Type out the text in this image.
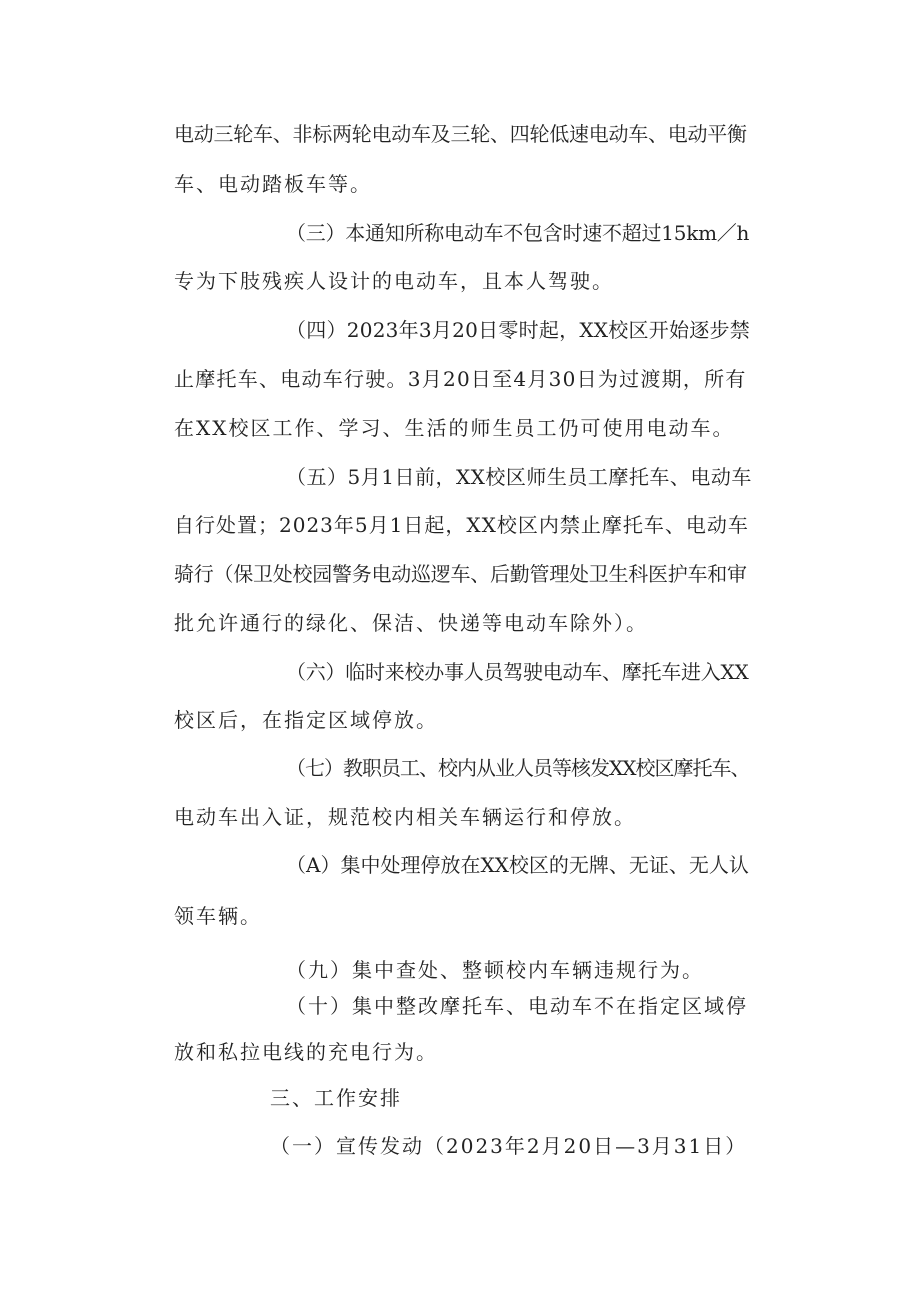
电动三轮车、非标两轮电动车及三轮、四轮低速电动车、电动平衡
车、电动踏板车等。
（三）本通知所称电动车不包含时速不超过15km／h
专为下肢残疾人设计的电动车，且本人驾驶。
（四）2023年3月20日零时起，XX校区开始逐步禁
止摩托车、电动车行驶。3月20日至4月30日为过渡期，所有
在XX校区工作、学习、生活的师生员工仍可使用电动车。
（五）5月1日前，XX校区师生员工摩托车、电动车
自行处置；2023年5月1日起，XX校区内禁止摩托车、电动车
骑行（保卫处校园警务电动巡逻车、后勤管理处卫生科医护车和审
批允许通行的绿化、保洁、快递等电动车除外）。
（六）临时来校办事人员驾驶电动车、摩托车进入XX
校区后，在指定区域停放。
（七）教职员工、校内从业人员等核发XX校区摩托车、
电动车出入证，规范校内相关车辆运行和停放。
（A）集中处理停放在XX校区的无牌、无证、无人认
领车辆。
（九）集中查处、整顿校内车辆违规行为。
（十）集中整改摩托车、电动车不在指定区域停
放和私拉电线的充电行为。
三、工作安排
（一）宣传发动（2023年2月20日—3月31日）
